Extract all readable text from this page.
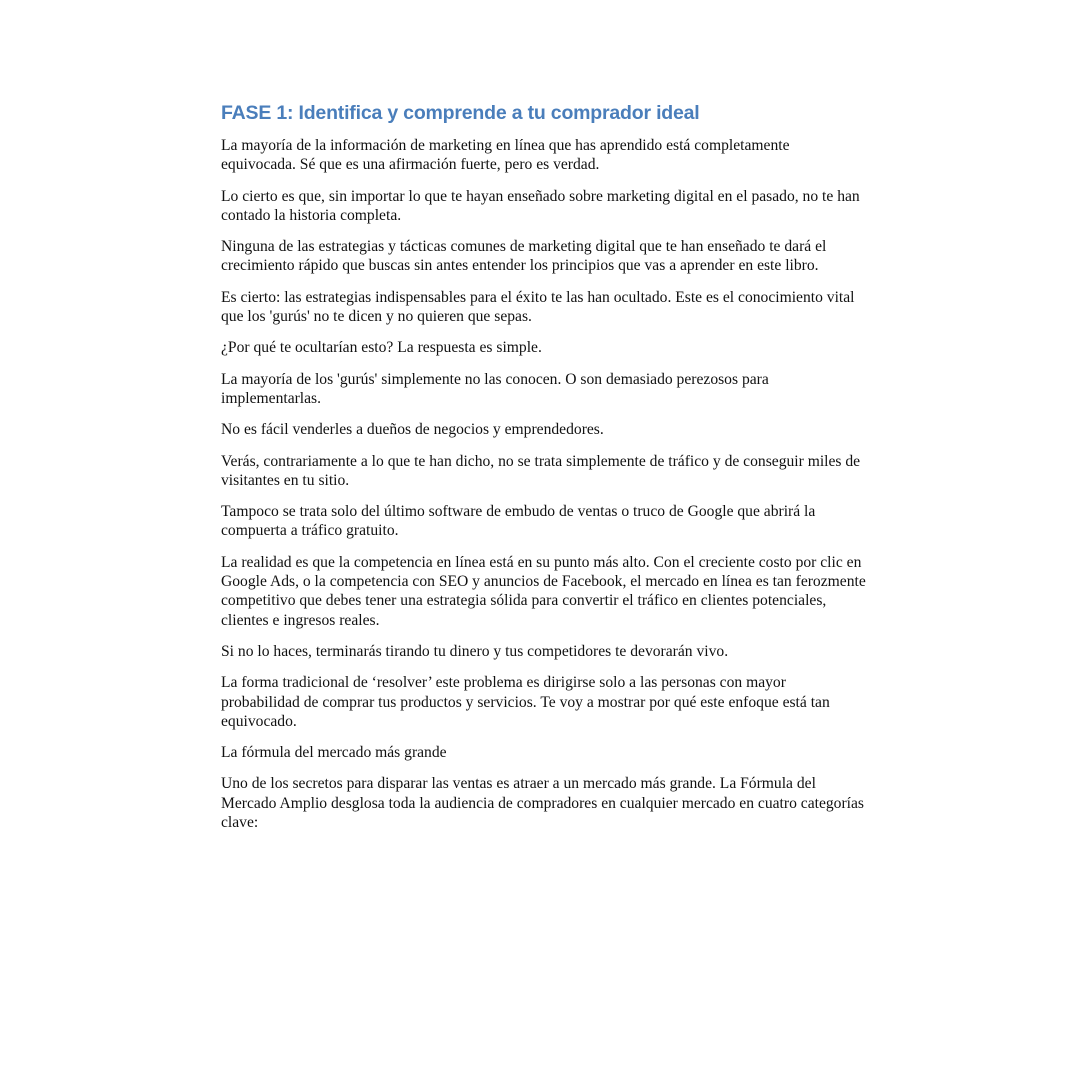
FASE 1: Identifica y comprende a tu comprador ideal

La mayoría de la información de marketing en línea que has aprendido está completamente equivocada. Sé que es una afirmación fuerte, pero es verdad.

Lo cierto es que, sin importar lo que te hayan enseñado sobre marketing digital en el pasado, no te han contado la historia completa.

Ninguna de las estrategias y tácticas comunes de marketing digital que te han enseñado te dará el crecimiento rápido que buscas sin antes entender los principios que vas a aprender en este libro.

Es cierto: las estrategias indispensables para el éxito te las han ocultado. Este es el conocimiento vital que los 'gurús' no te dicen y no quieren que sepas.

¿Por qué te ocultarían esto? La respuesta es simple.

La mayoría de los 'gurús' simplemente no las conocen. O son demasiado perezosos para implementarlas.

No es fácil venderles a dueños de negocios y emprendedores.

Verás, contrariamente a lo que te han dicho, no se trata simplemente de tráfico y de conseguir miles de visitantes en tu sitio.

Tampoco se trata solo del último software de embudo de ventas o truco de Google que abrirá la compuerta a tráfico gratuito.

La realidad es que la competencia en línea está en su punto más alto. Con el creciente costo por clic en Google Ads, o la competencia con SEO y anuncios de Facebook, el mercado en línea es tan ferozmente competitivo que debes tener una estrategia sólida para convertir el tráfico en clientes potenciales, clientes e ingresos reales.

Si no lo haces, terminarás tirando tu dinero y tus competidores te devorarán vivo.

La forma tradicional de ‘resolver’ este problema es dirigirse solo a las personas con mayor probabilidad de comprar tus productos y servicios. Te voy a mostrar por qué este enfoque está tan equivocado.

La fórmula del mercado más grande

Uno de los secretos para disparar las ventas es atraer a un mercado más grande. La Fórmula del Mercado Amplio desglosa toda la audiencia de compradores en cualquier mercado en cuatro categorías clave:
